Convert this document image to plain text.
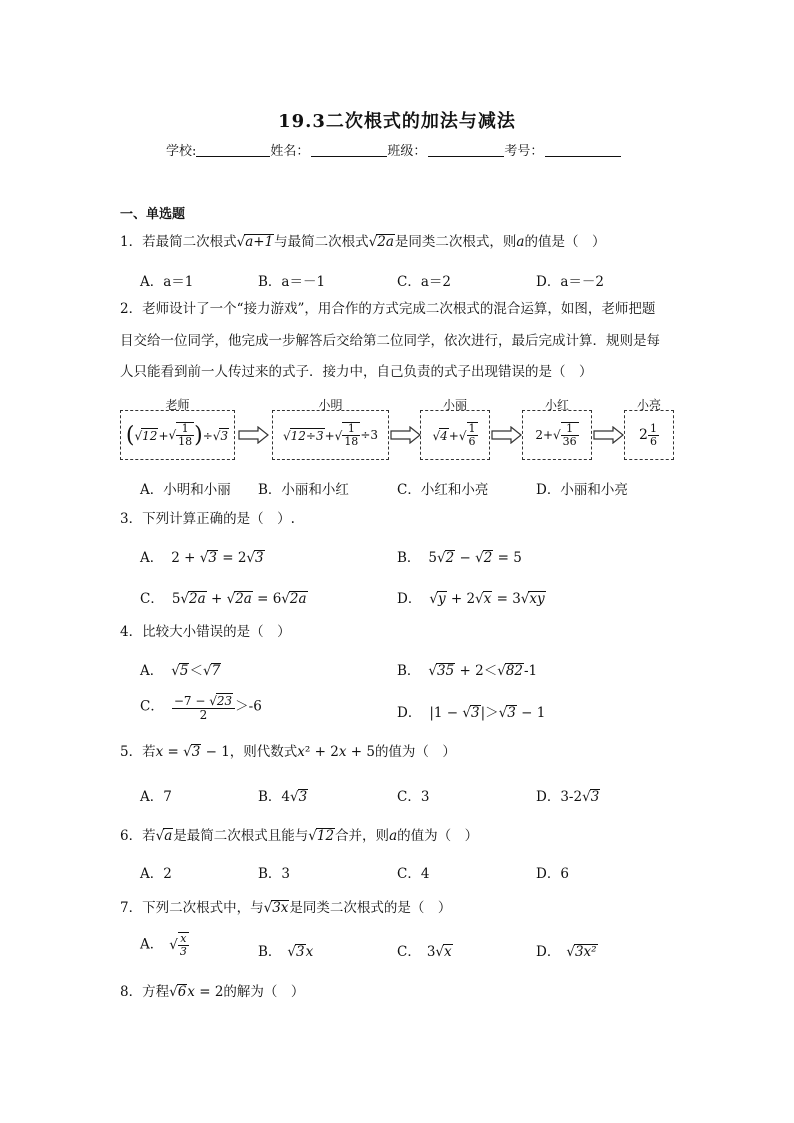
19.3二次根式的加法与减法
学校:	姓名：	班级：	考号：
一、单选题
1．若最简二次根式√a+1与最简二次根式√2a是同类二次根式，则a的值是（　）
A．a＝1	B．a＝－1	C．a＝2	D．a＝－2
2．老师设计了一个“接力游戏”，用合作的方式完成二次根式的混合运算，如图，老师把题
目交给一位同学，他完成一步解答后交给第二位同学，依次进行，最后完成计算．规则是每
人只能看到前一人传过来的式子．接力中，自己负责的式子出现错误的是（　）
老师
( √12+ √ $\frac{1}{18}$ ) ÷√3
小明
$√12\div 3+√ \frac{1}{18} \div 3$
小丽
$√4+√ \frac{1}{6}$
小红
$2+√ \frac{1}{36}$
小亮
$2 \frac{1}{6}$
A．小明和小丽 B．小丽和小红	C．小红和小亮	D．小丽和小亮
3．下列计算正确的是（　）.
A． 2 + √3 = 2√3	B． 5√2 − √2 = 5
C． 5√2a + √2a = 6√2a	D． √y + 2√x = 3√xy
4．比较大小错误的是（　）
A． √5＜√7	B． √35 + 2＜√82-1
C． $\frac{-7 - √23}{2} >-6$	D． |1 − √3|＞√3 − 1
5．若x = √3 − 1，则代数式x² + 2x + 5的值为（　）
A．7	B．4√3	C．3	D．3-2√3
6．若√a是最简二次根式且能与√12合并，则a的值为（　）
A．2	B．3	C．4	D．6
7．下列二次根式中，与√3x是同类二次根式的是（　）
A． √ $\frac{x}{3}$	B． √3x	C． 3√x	D． √3x²
8．方程√6x = 2的解为（　）
